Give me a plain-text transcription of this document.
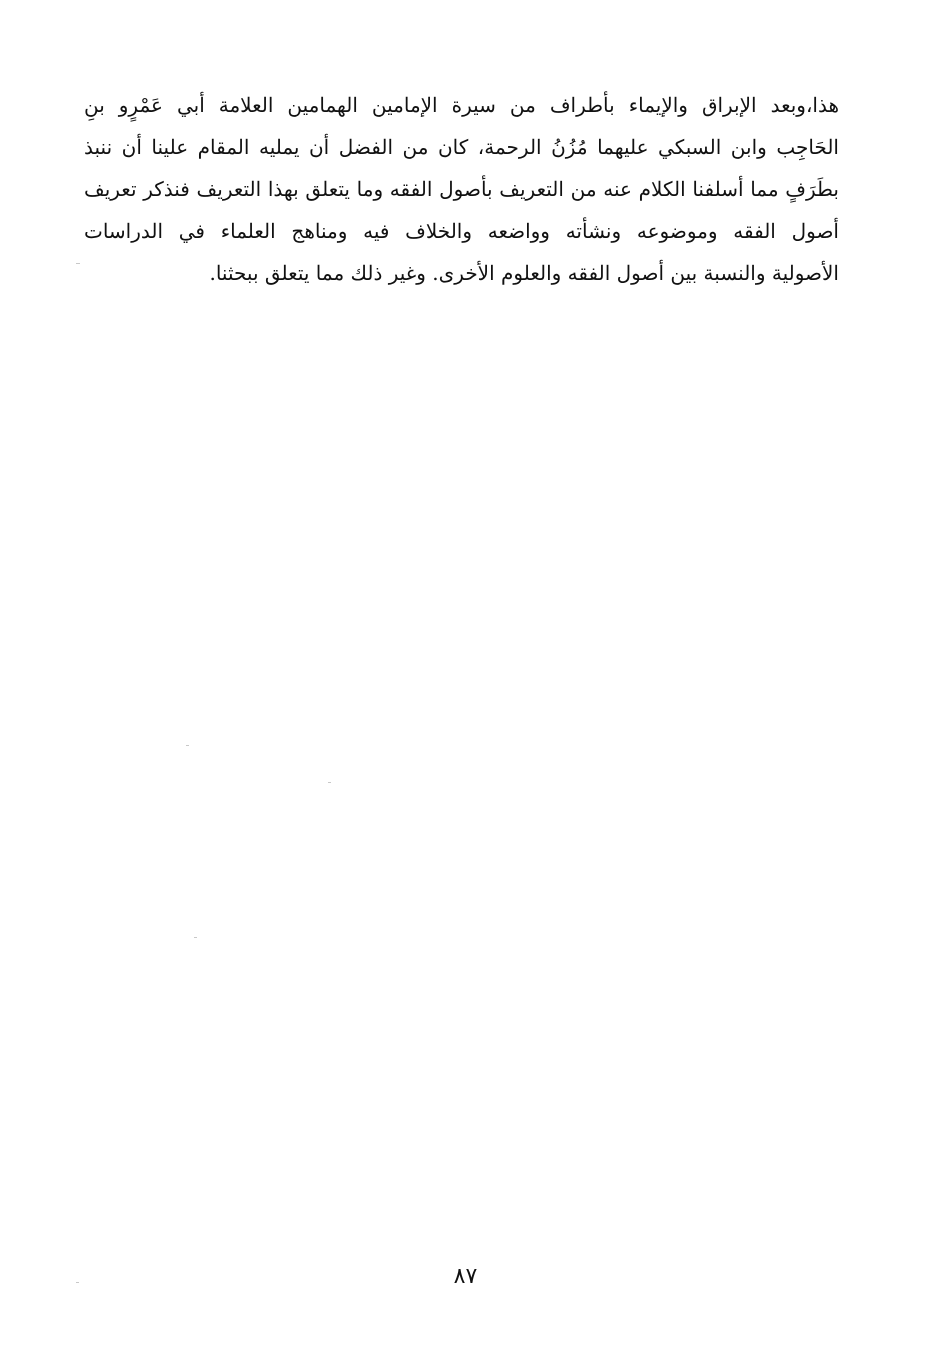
هذا،وبعد الإبراق والإيماء بأطراف من سيرة الإمامين الهمامين العلامة أبي عَمْرٍو بنِ
الحَاجِب وابن السبكي عليهما مُزُنُ الرحمة، كان من الفضل أن يمليه المقام علينا أن ننبذ
بطَرَفٍ مما أسلفنا الكلام عنه من التعريف بأصول الفقه وما يتعلق بهذا التعريف فنذكر تعريف
أصول الفقه وموضوعه ونشأته وواضعه والخلاف فيه ومناهج العلماء في الدراسات
الأصولية والنسبة بين أصول الفقه والعلوم الأخرى. وغير ذلك مما يتعلق ببحثنا.
٨٧
